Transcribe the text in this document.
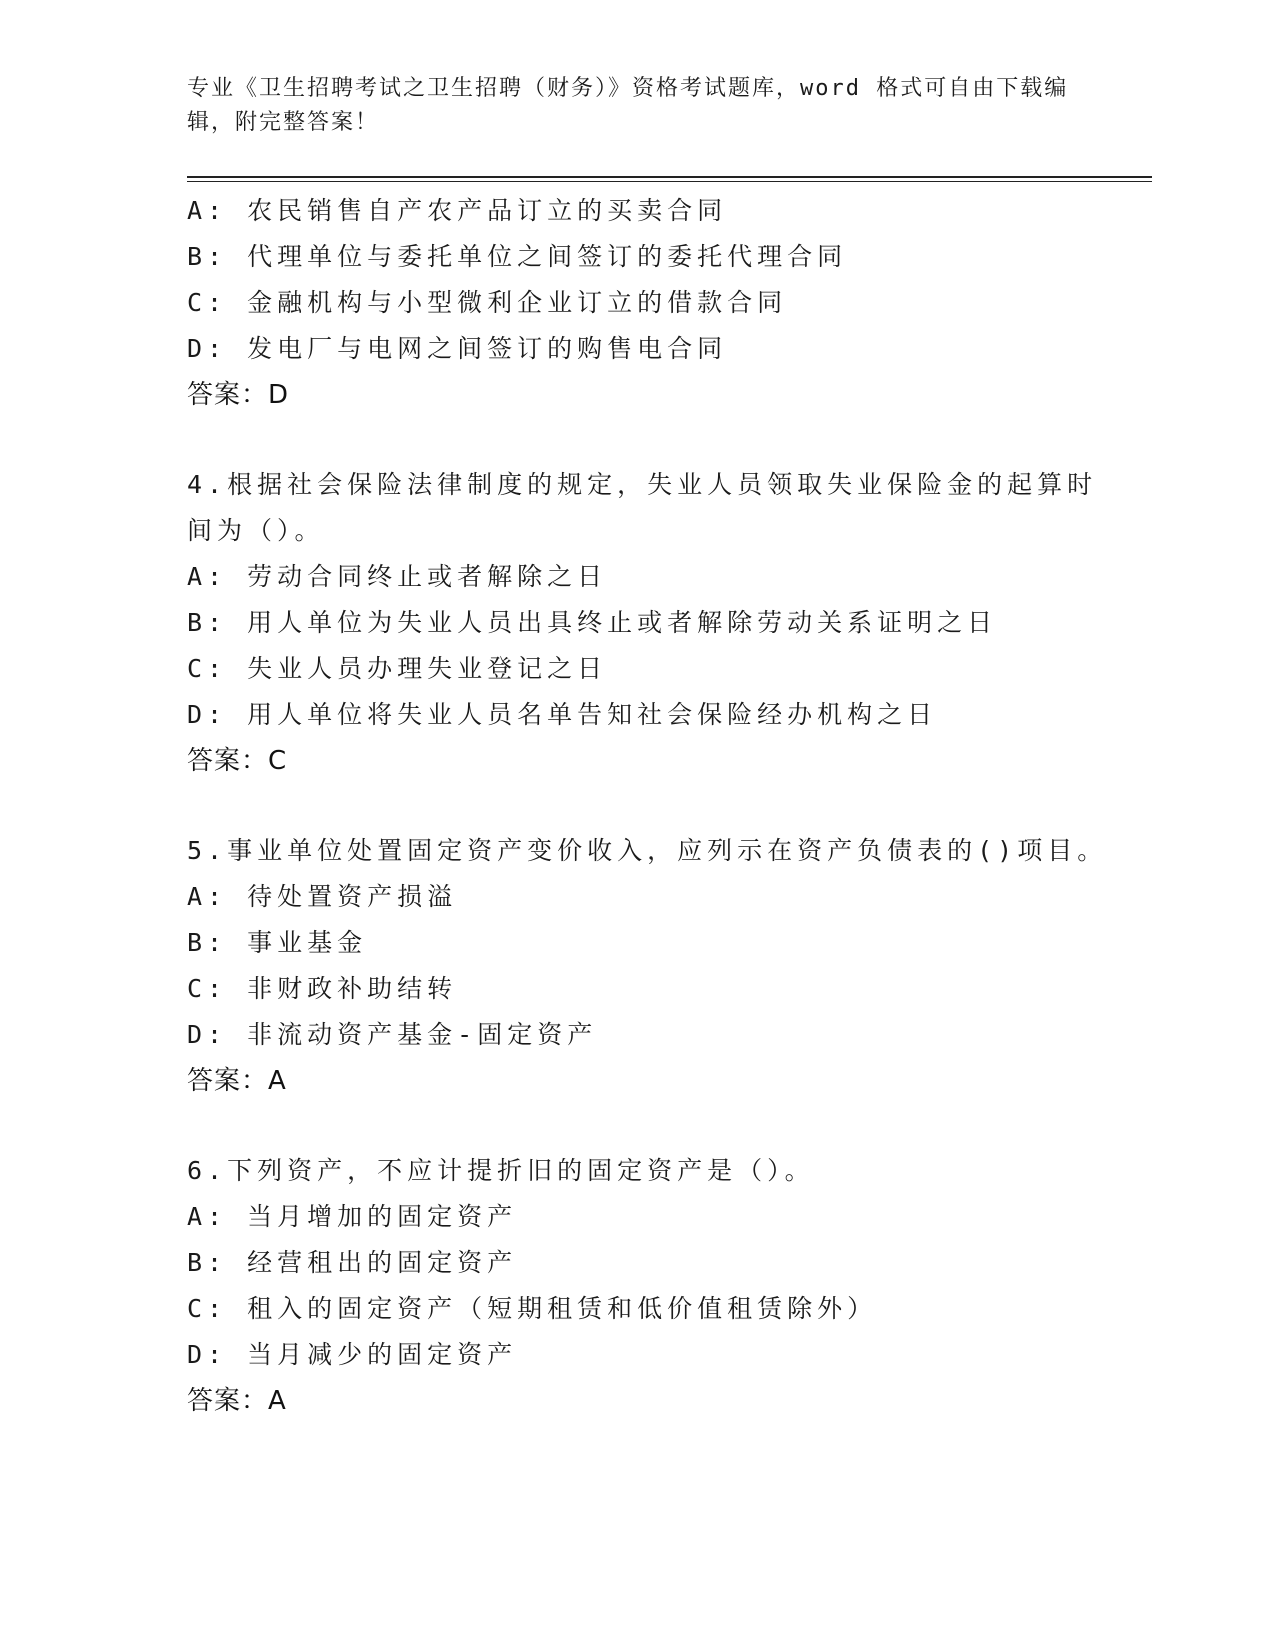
专业《卫生招聘考试之卫生招聘（财务）》资格考试题库，word 格式可自由下载编辑，附完整答案！
A: 农民销售自产农产品订立的买卖合同
B: 代理单位与委托单位之间签订的委托代理合同
C: 金融机构与小型微利企业订立的借款合同
D: 发电厂与电网之间签订的购售电合同
答案：D
4.根据社会保险法律制度的规定，失业人员领取失业保险金的起算时
间为（）。
A: 劳动合同终止或者解除之日
B: 用人单位为失业人员出具终止或者解除劳动关系证明之日
C: 失业人员办理失业登记之日
D: 用人单位将失业人员名单告知社会保险经办机构之日
答案：C
5.事业单位处置固定资产变价收入，应列示在资产负债表的()项目。
A: 待处置资产损溢
B: 事业基金
C: 非财政补助结转
D: 非流动资产基金-固定资产
答案：A
6.下列资产，不应计提折旧的固定资产是（）。
A: 当月增加的固定资产
B: 经营租出的固定资产
C: 租入的固定资产（短期租赁和低价值租赁除外）
D: 当月减少的固定资产
答案：A
